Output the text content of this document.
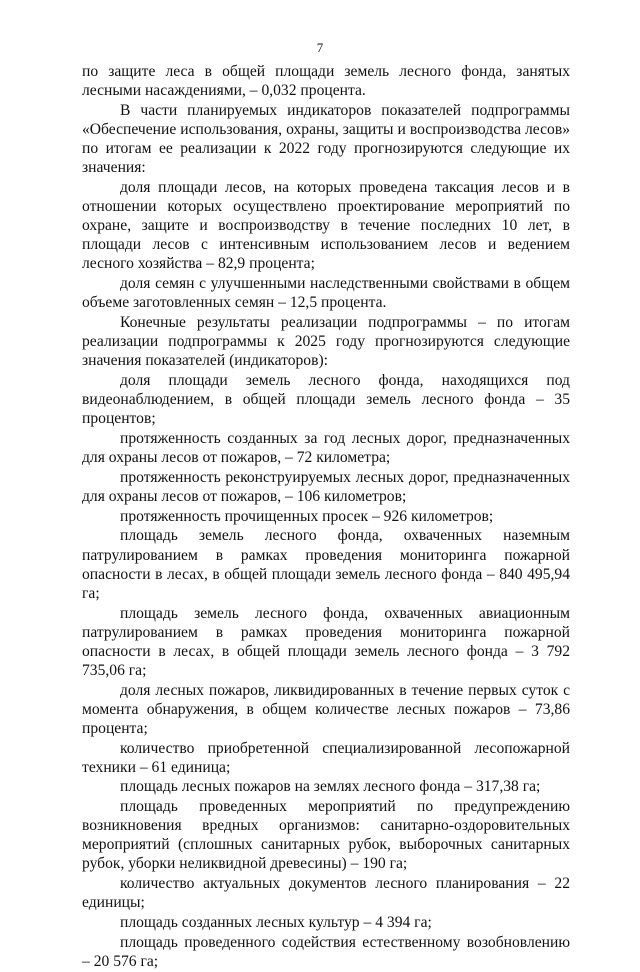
7

по защите леса в общей площади земель лесного фонда, занятых лесными насаждениями, – 0,032 процента.

В части планируемых индикаторов показателей подпрограммы «Обеспечение использования, охраны, защиты и воспроизводства лесов» по итогам ее реализации к 2022 году прогнозируются следующие их значения:

доля площади лесов, на которых проведена таксация лесов и в отношении которых осуществлено проектирование мероприятий по охране, защите и воспроизводству в течение последних 10 лет, в площади лесов с интенсивным использованием лесов и ведением лесного хозяйства – 82,9 процента;

доля семян с улучшенными наследственными свойствами в общем объеме заготовленных семян – 12,5 процента.

Конечные результаты реализации подпрограммы – по итогам реализации подпрограммы к 2025 году прогнозируются следующие значения показателей (индикаторов):

доля площади земель лесного фонда, находящихся под видеонаблюдением, в общей площади земель лесного фонда – 35 процентов;

протяженность созданных за год лесных дорог, предназначенных для охраны лесов от пожаров, – 72 километра;

протяженность реконструируемых лесных дорог, предназначенных для охраны лесов от пожаров, – 106 километров;

протяженность прочищенных просек – 926 километров;

площадь земель лесного фонда, охваченных наземным патрулированием в рамках проведения мониторинга пожарной опасности в лесах, в общей площади земель лесного фонда – 840 495,94 га;

площадь земель лесного фонда, охваченных авиационным патрулированием в рамках проведения мониторинга пожарной опасности в лесах, в общей площади земель лесного фонда – 3 792 735,06 га;

доля лесных пожаров, ликвидированных в течение первых суток с момента обнаружения, в общем количестве лесных пожаров – 73,86 процента;

количество приобретенной специализированной лесопожарной техники – 61 единица;

площадь лесных пожаров на землях лесного фонда – 317,38 га;

площадь проведенных мероприятий по предупреждению возникновения вредных организмов: санитарно-оздоровительных мероприятий (сплошных санитарных рубок, выборочных санитарных рубок, уборки неликвидной древесины) – 190 га;

количество актуальных документов лесного планирования – 22 единицы;

площадь созданных лесных культур – 4 394 га;

площадь проведенного содействия естественному возобновлению – 20 576 га;
